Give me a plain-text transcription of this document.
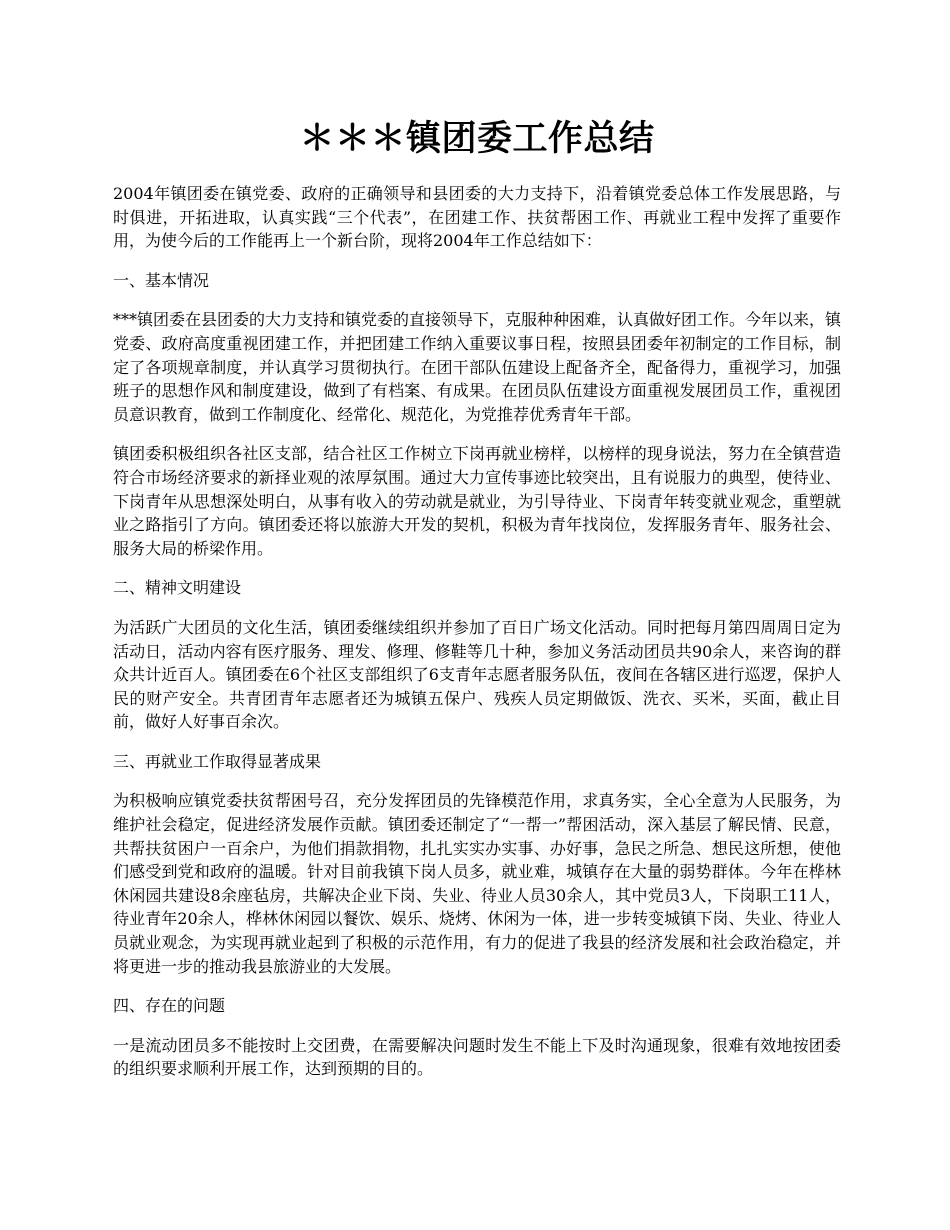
＊＊＊镇团委工作总结

2004年镇团委在镇党委、政府的正确领导和县团委的大力支持下，沿着镇党委总体工作发展思路，与时俱进，开拓进取，认真实践“三个代表”，在团建工作、扶贫帮困工作、再就业工程中发挥了重要作用，为使今后的工作能再上一个新台阶，现将2004年工作总结如下：

一、基本情况

***镇团委在县团委的大力支持和镇党委的直接领导下，克服种种困难，认真做好团工作。今年以来，镇党委、政府高度重视团建工作，并把团建工作纳入重要议事日程，按照县团委年初制定的工作目标，制定了各项规章制度，并认真学习贯彻执行。在团干部队伍建设上配备齐全，配备得力，重视学习，加强班子的思想作风和制度建设，做到了有档案、有成果。在团员队伍建设方面重视发展团员工作，重视团员意识教育，做到工作制度化、经常化、规范化，为党推荐优秀青年干部。

镇团委积极组织各社区支部，结合社区工作树立下岗再就业榜样，以榜样的现身说法，努力在全镇营造符合市场经济要求的新择业观的浓厚氛围。通过大力宣传事迹比较突出，且有说服力的典型，使待业、下岗青年从思想深处明白，从事有收入的劳动就是就业，为引导待业、下岗青年转变就业观念，重塑就业之路指引了方向。镇团委还将以旅游大开发的契机，积极为青年找岗位，发挥服务青年、服务社会、服务大局的桥梁作用。

二、精神文明建设

为活跃广大团员的文化生活，镇团委继续组织并参加了百日广场文化活动。同时把每月第四周周日定为活动日，活动内容有医疗服务、理发、修理、修鞋等几十种，参加义务活动团员共90余人，来咨询的群众共计近百人。镇团委在6个社区支部组织了6支青年志愿者服务队伍，夜间在各辖区进行巡逻，保护人民的财产安全。共青团青年志愿者还为城镇五保户、残疾人员定期做饭、洗衣、买米，买面，截止目前，做好人好事百余次。

三、再就业工作取得显著成果

为积极响应镇党委扶贫帮困号召，充分发挥团员的先锋模范作用，求真务实，全心全意为人民服务，为维护社会稳定，促进经济发展作贡献。镇团委还制定了“一帮一”帮困活动，深入基层了解民情、民意，共帮扶贫困户一百余户，为他们捐款捐物，扎扎实实办实事、办好事，急民之所急、想民这所想，使他们感受到党和政府的温暖。针对目前我镇下岗人员多，就业难，城镇存在大量的弱势群体。今年在桦林休闲园共建设8余座毡房，共解决企业下岗、失业、待业人员30余人，其中党员3人，下岗职工11人，待业青年20余人，桦林休闲园以餐饮、娱乐、烧烤、休闲为一体，进一步转变城镇下岗、失业、待业人员就业观念，为实现再就业起到了积极的示范作用，有力的促进了我县的经济发展和社会政治稳定，并将更进一步的推动我县旅游业的大发展。

四、存在的问题

一是流动团员多不能按时上交团费，在需要解决问题时发生不能上下及时沟通现象，很难有效地按团委的组织要求顺利开展工作，达到预期的目的。
